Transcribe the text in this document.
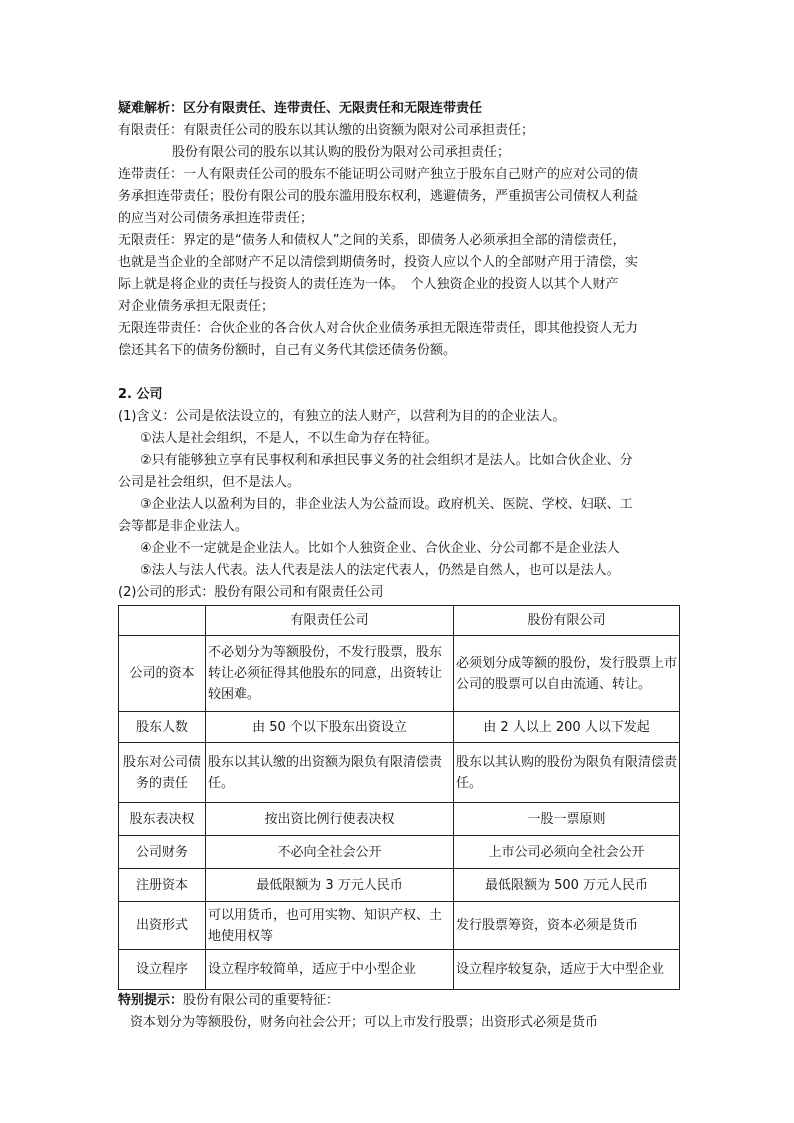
疑难解析：区分有限责任、连带责任、无限责任和无限连带责任
有限责任：有限责任公司的股东以其认缴的出资额为限对公司承担责任；
股份有限公司的股东以其认购的股份为限对公司承担责任；
连带责任：一人有限责任公司的股东不能证明公司财产独立于股东自己财产的应对公司的债
务承担连带责任；股份有限公司的股东滥用股东权利，逃避债务，严重损害公司债权人利益
的应当对公司债务承担连带责任；
无限责任：界定的是“债务人和债权人”之间的关系，即债务人必须承担全部的清偿责任，
也就是当企业的全部财产不足以清偿到期债务时，投资人应以个人的全部财产用于清偿，实
际上就是将企业的责任与投资人的责任连为一体。　个人独资企业的投资人以其个人财产
对企业债务承担无限责任；
无限连带责任：合伙企业的各合伙人对合伙企业债务承担无限连带责任，即其他投资人无力
偿还其名下的债务份额时，自己有义务代其偿还债务份额。
2. 公司
(1)含义：公司是依法设立的，有独立的法人财产，以营利为目的的企业法人。
①法人是社会组织，不是人，不以生命为存在特征。
②只有能够独立享有民事权利和承担民事义务的社会组织才是法人。比如合伙企业、分
公司是社会组织，但不是法人。
③企业法人以盈利为目的，非企业法人为公益而设。政府机关、医院、学校、妇联、工
会等都是非企业法人。
④企业不一定就是企业法人。比如个人独资企业、合伙企业、分公司都不是企业法人
⑤法人与法人代表。法人代表是法人的法定代表人，仍然是自然人，也可以是法人。
(2)公司的形式：股份有限公司和有限责任公司
	有限责任公司	股份有限公司
公司的资本	不必划分为等额股份，不发行股票，股东转让必须征得其他股东的同意，出资转让较困难。	必须划分成等额的股份，发行股票上市公司的股票可以自由流通、转让。
股东人数	由 50 个以下股东出资设立	由 2 人以上 200 人以下发起
股东对公司债务的责任	股东以其认缴的出资额为限负有限清偿责任。	股东以其认购的股份为限负有限清偿责任。
股东表决权	按出资比例行使表决权	一股一票原则
公司财务	不必向全社会公开	上市公司必须向全社会公开
注册资本	最低限额为 3 万元人民币	最低限额为 500 万元人民币
出资形式	可以用货币，也可用实物、知识产权、土地使用权等	发行股票筹资，资本必须是货币
设立程序	设立程序较简单，适应于中小型企业	设立程序较复杂，适应于大中型企业
特别提示：股份有限公司的重要特征：
资本划分为等额股份，财务向社会公开；可以上市发行股票；出资形式必须是货币
